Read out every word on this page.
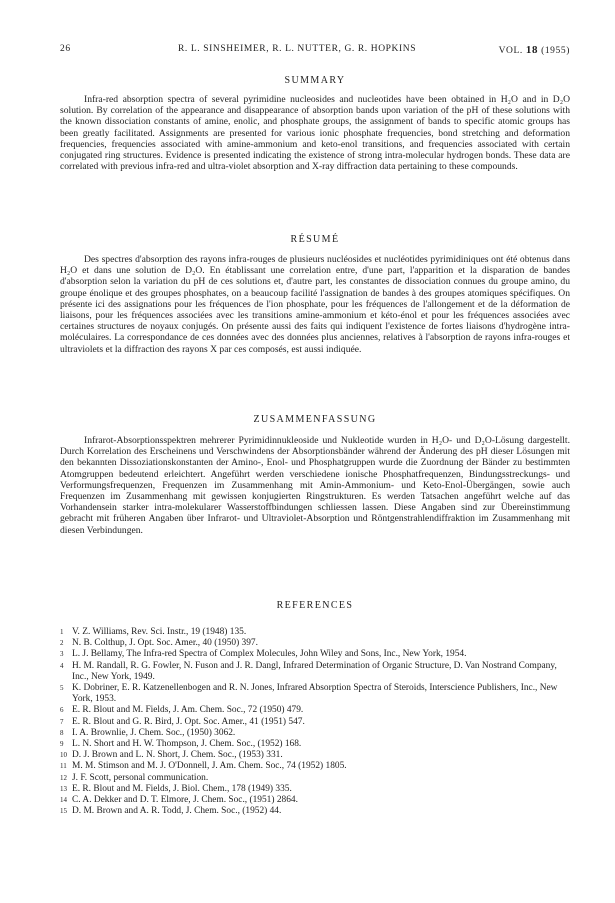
26	R. L. SINSHEIMER, R. L. NUTTER, G. R. HOPKINS	VOL. 18 (1955)
SUMMARY

Infra-red absorption spectra of several pyrimidine nucleosides and nucleotides have been obtained in H₂O and in D₂O solution. By correlation of the appearance and disappearance of absorption bands upon variation of the pH of these solutions with the known dissociation constants of amine, enolic, and phosphate groups, the assignment of bands to specific atomic groups has been greatly facilitated. Assignments are presented for various ionic phosphate frequencies, bond stretching and deformation frequencies, frequencies associated with amine-ammonium and keto-enol transitions, and frequencies associated with certain conjugated ring structures. Evidence is presented indicating the existence of strong intra-molecular hydrogen bonds. These data are correlated with previous infra-red and ultra-violet absorption and X-ray diffraction data pertaining to these compounds.

RÉSUMÉ

Des spectres d'absorption des rayons infra-rouges de plusieurs nucléosides et nucléotides pyrimidiniques ont été obtenus dans H₂O et dans une solution de D₂O. En établissant une correlation entre, d'une part, l'apparition et la disparation de bandes d'absorption selon la variation du pH de ces solutions et, d'autre part, les constantes de dissociation connues du groupe amino, du groupe énolique et des groupes phosphates, on a beaucoup facilité l'assignation de bandes à des groupes atomiques spécifiques. On présente ici des assignations pour les fréquences de l'ion phosphate, pour les fréquences de l'allongement et de la déformation de liaisons, pour les fréquences associées avec les transitions amine-ammonium et kéto-énol et pour les fréquences associées avec certaines structures de noyaux conjugés. On présente aussi des faits qui indiquent l'existence de fortes liaisons d'hydrogène intra-moléculaires. La correspondance de ces données avec des données plus anciennes, relatives à l'absorption de rayons infra-rouges et ultraviolets et la diffraction des rayons X par ces composés, est aussi indiquée.

ZUSAMMENFASSUNG

Infrarot-Absorptionsspektren mehrerer Pyrimidinnukleoside und Nukleotide wurden in H₂O- und D₂O-Lösung dargestellt. Durch Korrelation des Erscheinens und Verschwindens der Absorptionsbänder während der Änderung des pH dieser Lösungen mit den bekannten Dissoziationskonstanten der Amino-, Enol- und Phosphatgruppen wurde die Zuordnung der Bänder zu bestimmten Atomgruppen bedeutend erleichtert. Angeführt werden verschiedene ionische Phosphatfrequenzen, Bindungsstreckungs- und Verformungsfrequenzen, Frequenzen im Zusammenhang mit Amin-Ammonium- und Keto-Enol-Übergängen, sowie auch Frequenzen im Zusammenhang mit gewissen konjugierten Ringstrukturen. Es werden Tatsachen angeführt welche auf das Vorhandensein starker intra-molekularer Wasserstoffbindungen schliessen lassen. Diese Angaben sind zur Übereinstimmung gebracht mit früheren Angaben über Infrarot- und Ultraviolet-Absorption und Röntgenstrahlendiffraktion im Zusammenhang mit diesen Verbindungen.

REFERENCES
1 V. Z. Williams, Rev. Sci. Instr., 19 (1948) 135.
2 N. B. Colthup, J. Opt. Soc. Amer., 40 (1950) 397.
3 L. J. Bellamy, The Infra-red Spectra of Complex Molecules, John Wiley and Sons, Inc., New York, 1954.
4 H. M. Randall, R. G. Fowler, N. Fuson and J. R. Dangl, Infrared Determination of Organic Structure, D. Van Nostrand Company, Inc., New York, 1949.
5 K. Dobriner, E. R. Katzenellenbogen and R. N. Jones, Infrared Absorption Spectra of Steroids, Interscience Publishers, Inc., New York, 1953.
6 E. R. Blout and M. Fields, J. Am. Chem. Soc., 72 (1950) 479.
7 E. R. Blout and G. R. Bird, J. Opt. Soc. Amer., 41 (1951) 547.
8 I. A. Brownlie, J. Chem. Soc., (1950) 3062.
9 L. N. Short and H. W. Thompson, J. Chem. Soc., (1952) 168.
10 D. J. Brown and L. N. Short, J. Chem. Soc., (1953) 331.
11 M. M. Stimson and M. J. O'Donnell, J. Am. Chem. Soc., 74 (1952) 1805.
12 J. F. Scott, personal communication.
13 E. R. Blout and M. Fields, J. Biol. Chem., 178 (1949) 335.
14 C. A. Dekker and D. T. Elmore, J. Chem. Soc., (1951) 2864.
15 D. M. Brown and A. R. Todd, J. Chem. Soc., (1952) 44.
